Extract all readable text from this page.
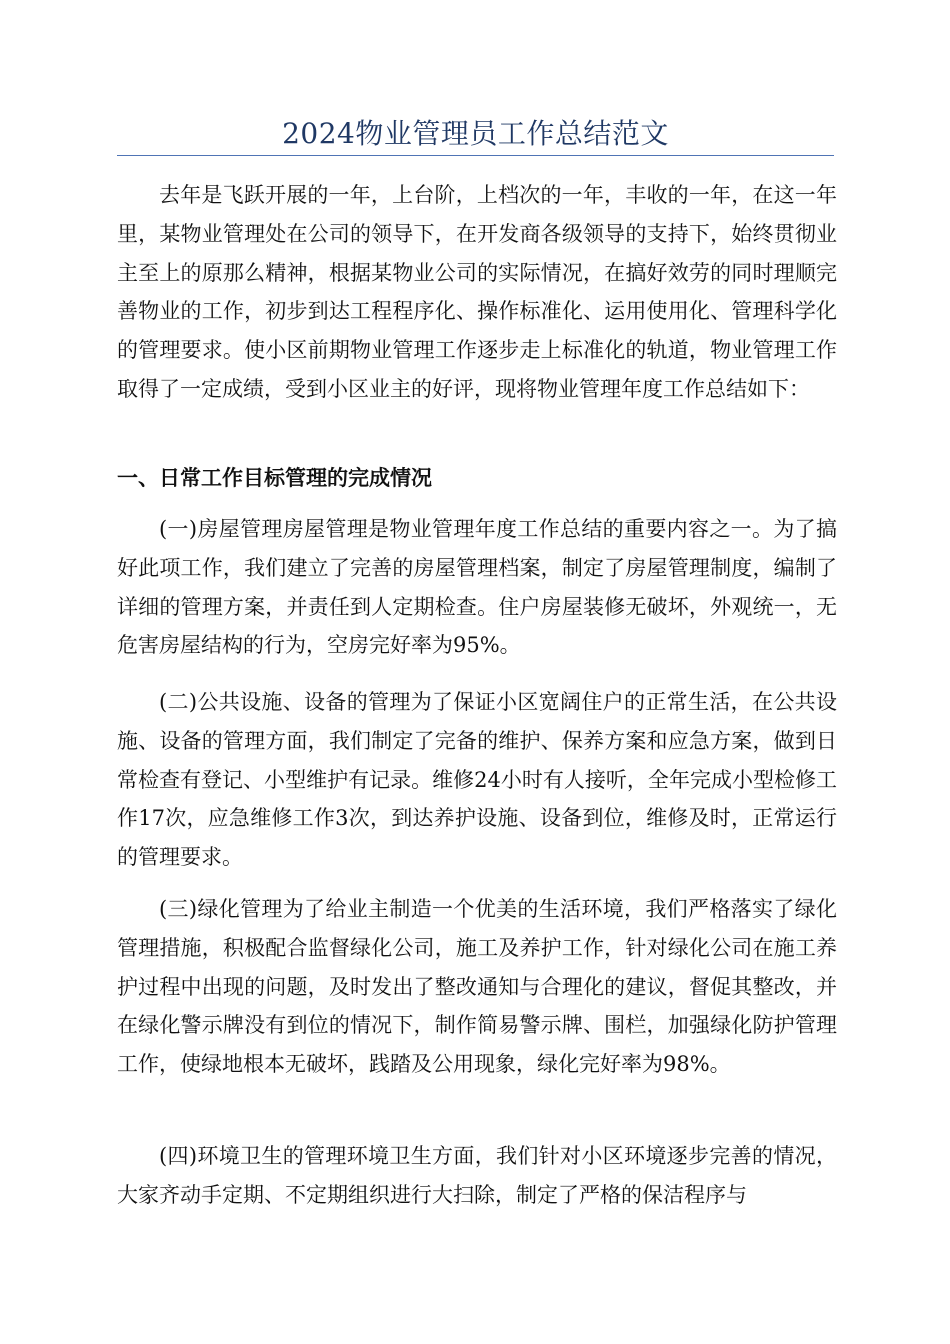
2024物业管理员工作总结范文

去年是飞跃开展的一年，上台阶，上档次的一年，丰收的一年，在这一年里，某物业管理处在公司的领导下，在开发商各级领导的支持下，始终贯彻业主至上的原那么精神，根据某物业公司的实际情况，在搞好效劳的同时理顺完善物业的工作，初步到达工程程序化、操作标准化、运用使用化、管理科学化的管理要求。使小区前期物业管理工作逐步走上标准化的轨道，物业管理工作取得了一定成绩，受到小区业主的好评，现将物业管理年度工作总结如下：

一、日常工作目标管理的完成情况

(一)房屋管理房屋管理是物业管理年度工作总结的重要内容之一。为了搞好此项工作，我们建立了完善的房屋管理档案，制定了房屋管理制度，编制了详细的管理方案，并责任到人定期检查。住户房屋装修无破坏，外观统一，无危害房屋结构的行为，空房完好率为95%。

(二)公共设施、设备的管理为了保证小区宽阔住户的正常生活，在公共设施、设备的管理方面，我们制定了完备的维护、保养方案和应急方案，做到日常检查有登记、小型维护有记录。维修24小时有人接听，全年完成小型检修工作17次，应急维修工作3次，到达养护设施、设备到位，维修及时，正常运行的管理要求。

(三)绿化管理为了给业主制造一个优美的生活环境，我们严格落实了绿化管理措施，积极配合监督绿化公司，施工及养护工作，针对绿化公司在施工养护过程中出现的问题，及时发出了整改通知与合理化的建议，督促其整改，并在绿化警示牌没有到位的情况下，制作简易警示牌、围栏，加强绿化防护管理工作，使绿地根本无破坏，践踏及公用现象，绿化完好率为98%。

(四)环境卫生的管理环境卫生方面，我们针对小区环境逐步完善的情况，大家齐动手定期、不定期组织进行大扫除，制定了严格的保洁程序与
